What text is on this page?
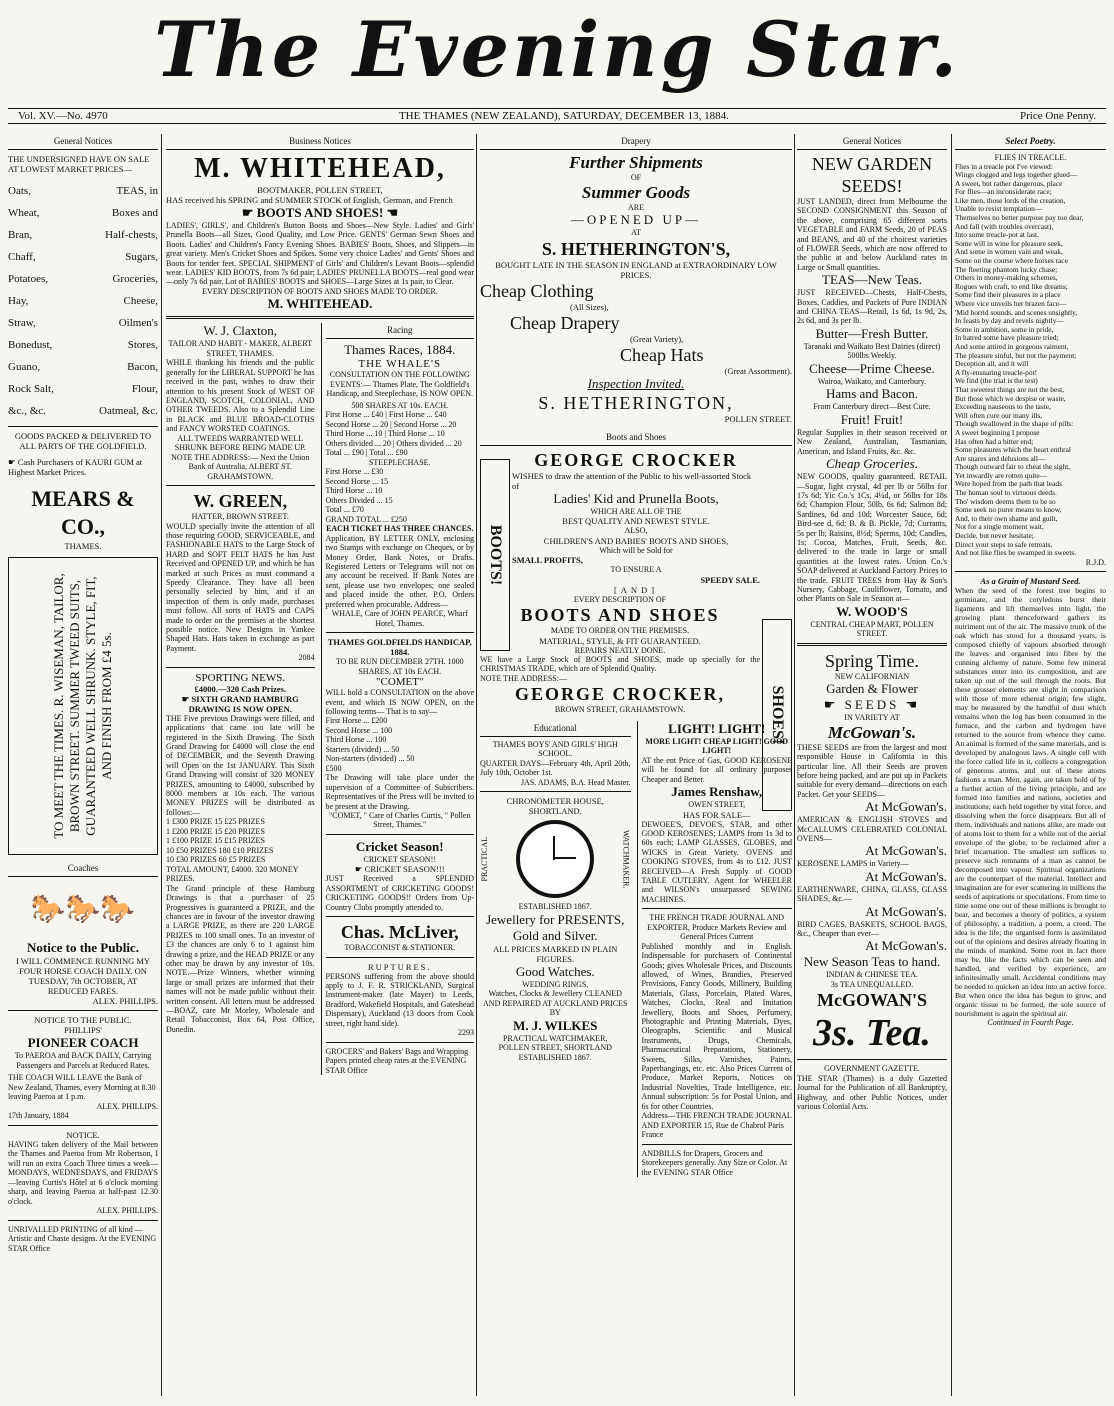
The Evening Star.
Vol. XV.—No. 4970	THE THAMES (NEW ZEALAND), SATURDAY, DECEMBER 13, 1884.	Price One Penny.
General Notices
THE UNDERSIGNED HAVE ON SALE AT LOWEST MARKET PRICES—
Oats,	TEAS, in
Wheat,	Boxes and
Bran,	Half-chests,
Chaff,	Sugars,
Potatoes,	Groceries,
Hay,	Cheese,
Straw,	Oilmen's
Bonedust,	Stores,
Guano,	Bacon,
Rock Salt,	Flour,
&c., &c.	Oatmeal, &c.
GOODS PACKED & DELIVERED TO ALL PARTS OF THE GOLDFIELD.
☛ Cash Purchasers of KAURI GUM at Highest Market Prices.
MEARS & CO.,
THAMES.
TO MEET THE TIMES. R. WISEMAN, TAILOR, BROWN STREET. SUMMER TWEED SUITS, GUARANTEED WELL SHRUNK. STYLE, FIT, AND FINISH FROM £4 5s.
Coaches
🐎🐎🐎
Notice to the Public.
I WILL COMMENCE RUNNING MY FOUR HORSE COACH DAILY. ON TUESDAY, 7th OCTOBER, AT REDUCED FARES.
ALEX. PHILLIPS.
NOTICE TO THE PUBLIC.
PHILLIPS'
PIONEER COACH
To PAEROA and BACK DAILY, Carrying Passengers and Parcels at Reduced Rates.
THE COACH WILL LEAVE the Bank of New Zealand, Thames, every Morning at 8.30 leaving Paeroa at 1 p.m.
ALEX. PHILLIPS.
17th January, 1884
NOTICE.
HAVING taken delivery of the Mail between the Thames and Paeroa from Mr Robertson, I will run an extra Coach Three times a week—MONDAYS, WEDNESDAYS, and FRIDAYS—leaving Curtis's Hôtel at 6 o'clock morning sharp, and leaving Paeroa at half-past 12.30 o'clock.
ALEX. PHILLIPS.
UNRIVALLED PRINTING of all kind — Artistic and Chaste designs. At the EVENING STAR Office
Business Notices
M. WHITEHEAD,
BOOTMAKER, POLLEN STREET,
HAS received his SPRING and SUMMER STOCK of English, German, and French
☛ BOOTS AND SHOES! ☚
LADIES', GIRLS', and Children's Button Boots and Shoes—New Style. Ladies' and Girls' Prunella Boots—all Sizes, Good Quality, and Low Price. GENTS' German Sewn Shoes and Boots. Ladies' and Children's Fancy Evening Shoes. BABIES' Boots, Shoes, and Slippers—in great variety. Men's Cricket Shoes and Spikes. Some very choice Ladies' and Gents' Shoes and Boots for tender feet. SPECIAL SHIPMENT of Girls' and Children's Levant Boots—splendid wear. LADIES' KID BOOTS, from 7s 6d pair; LADIES' PRUNELLA BOOTS—real good wear—only 7s 6d pair. Lot of BABIES' BOOTS and SHOES—Large Sizes at 1s pair, to Clear.
EVERY DESCRIPTION OF BOOTS AND SHOES MADE TO ORDER.
M. WHITEHEAD.
W. J. Claxton,
TAILOR AND HABIT - MAKER, ALBERT STREET, THAMES.
WHILE thanking his friends and the public generally for the LIBERAL SUPPORT he has received in the past, wishes to draw their attention to his present Stock of WEST OF ENGLAND, SCOTCH, COLONIAL, AND OTHER TWEEDS. Also to a Splendid Line in BLACK and BLUE BROAD-CLOTHS and FANCY WORSTED COATINGS.
ALL TWEEDS WARRANTED WELL SHRUNK BEFORE BEING MADE UP.
NOTE THE ADDRESS:— Next the Union Bank of Australia, ALBERT ST. GRAHAMSTOWN.
W. GREEN,
HATTER, BROWN STREET.
WOULD specially invite the attention of all those requiring GOOD, SERVICEABLE, and FASHIONABLE HATS to the Large Stock of HARD and SOFT FELT HATS he has Just Received and OPENED UP, and which he has marked at such Prices as must command a Speedy Clearance. They have all been personally selected by him, and if an inspection of them is only made, purchases must follow. All sorts of HATS and CAPS made to order on the premises at the shortest possible notice. New Designs in Yankee Shaped Hats. Hats taken in exchange as part Payment.
2084
SPORTING NEWS.
£4000.—320 Cash Prizes.
☛ SIXTH GRAND HAMBURG DRAWING IS NOW OPEN.
THE Five previous Drawings were filled, and applications that came too late will be registered in the Sixth Drawing. The Sixth Grand Drawing for £4000 will close the end of DECEMBER, and the Seventh Drawing will Open on the 1st JANUARY. This Sixth Grand Drawing will consist of 320 MONEY PRIZES, amounting to £4000, subscribed by 8000 members at 10s each. The various MONEY PRIZES will be distributed as follows:—
1 £300 PRIZE 15 £25 PRIZES
1 £200 PRIZE 15 £20 PRIZES
1 £100 PRIZE 15 £15 PRIZES
10 £50 PRIZES 180 £10 PRIZES
10 £30 PRIZES 60 £5 PRIZES
TOTAL AMOUNT, £4000. 320 MONEY PRIZES.
The Grand principle of these Hamburg Drawings is that a purchaser of 25 Progressives is guaranteed a PRIZE, and the chances are in favour of the investor drawing a LARGE PRIZE, as there are 220 LARGE PRIZES to 100 small ones. To an investor of £3 the chances are only 6 to 1 against him drawing a prize, and the HEAD PRIZE or any other may be drawn by any investor of 10s. NOTE.—Prize Winners, whether winning large or small prizes are informed that their names will not be made public without their written consent. All letters must be addressed—BOAZ, care Mr Morley, Wholesale and Retail Tobacconist, Box 64, Post Office, Dunedin.
Racing
Thames Races, 1884.
THE WHALE'S
CONSULTATION ON THE FOLLOWING EVENTS:— Thames Plate, The Goldfield's Handicap, and Steeplechase, IS NOW OPEN.
500 SHARES AT 10s. EACH.
First Horse ... £40 | First Horse ... £40
Second Horse ... 20 | Second Horse ... 20
Third Horse ... 10 | Third Horse ... 10
Others divided ... 20 | Others divided ... 20
Total ... £90 | Total ... £90
STEEPLECHASE.
First Horse ... £30
Second Horse ... 15
Third Horse ... 10
Others Divided ... 15
Total ... £70
GRAND TOTAL ... £250
EACH TICKET HAS THREE CHANCES.
Application, BY LETTER ONLY, enclosing two Stamps with exchange on Cheques, or by Money Order, Bank Notes, or Drafts. Registered Letters or Telegrams will not on any account be received. If Bank Notes are sent, please use two envelopes; one sealed and placed inside the other. P.O. Orders preferred when procurable. Address—
WHALE, Care of JOHN PEARCE, Wharf Hotel, Thames.
THAMES GOLDFIELDS HANDICAP, 1884.
TO BE RUN DECEMBER 27TH. 1000 SHARES, AT 10s EACH.
"COMET"
WILL hold a CONSULTATION on the above event, and which IS NOW OPEN, on the following terms— That is to say—
First Horse ... £200
Second Horse ... 100
Third Horse ... 100
Starters (divided) ... 50
Non-starters (divided) ... 50
£500
The Drawing will take place under the supervision of a Committee of Subscribers. Representatives of the Press will be invited to be present at the Drawing.
"COMET, " Care of Charles Curtis, " Pollen Street, Thames."
Cricket Season!
CRICKET SEASON!!
☛ CRICKET SEASON!!!
JUST Received a SPLENDID ASSORTMENT of CRICKETING GOODS! CRICKETING GOODS!! Orders from Up-Country Clubs promptly attended to.
Chas. McLiver,
TOBACCONIST & STATIONER.
RUPTURES.
PERSONS suffering from the above should apply to J. F. R. STRICKLAND, Surgical Instrument-maker (late Mayer) to Leeds, Bradford, Wakefield Hospitals, and Gateshead Dispensary), Auckland (13 doors from Cook street, right hand side).
2293
GROCERS' and Bakers' Bags and Wrapping Papers printed cheap rates at the EVENING STAR Office
Drapery
Further Shipments
OF
Summer Goods
ARE
—OPENED UP—
AT
S. HETHERINGTON'S,
BOUGHT LATE IN THE SEASON IN ENGLAND at EXTRAORDINARY LOW PRICES.
Cheap Clothing
(All Sizes),
Cheap Drapery
(Great Variety),
Cheap Hats
(Great Assortment).
Inspection Invited.
S. HETHERINGTON,
POLLEN STREET.
Boots and Shoes
BOOTS!
SHOES!
GEORGE CROCKER
WISHES to draw the attention of the Public to his well-assorted Stock of
Ladies' Kid and Prunella Boots,
WHICH ARE ALL OF THE
BEST QUALITY AND NEWEST STYLE.
ALSO,
CHILDREN'S AND BABIES' BOOTS AND SHOES,
Which will be Sold for
SMALL PROFITS,
TO ENSURE A
SPEEDY SALE.
[AND]
EVERY DESCRIPTION OF
BOOTS AND SHOES
MADE TO ORDER ON THE PREMISES.
MATERIAL, STYLE, & FIT GUARANTEED.
REPAIRS NEATLY DONE.
WE have a Large Stock of BOOTS and SHOES, made up specially for the CHRISTMAS TRADE, which are of Splendid Quality.
NOTE THE ADDRESS:—
GEORGE CROCKER,
BROWN STREET, GRAHAMSTOWN.
Educational
THAMES BOYS' AND GIRLS' HIGH SCHOOL.
QUARTER DAYS—February 4th, April 20th, July 10th, October 1st.
JAS. ADAMS, B.A. Head Master.
CHRONOMETER HOUSE, SHORTLAND.
PRACTICAL	WATCHMAKER.
ESTABLISHED 1867.
Jewellery for PRESENTS, Gold and Silver.
ALL PRICES MARKED IN PLAIN FIGURES.
Good Watches.
WEDDING RINGS.
Watches, Clocks & Jewellery CLEANED AND REPAIRED AT AUCKLAND PRICES BY
M. J. WILKES
PRACTICAL WATCHMAKER,
POLLEN STREET, SHORTLAND
ESTABLISHED 1867.
LIGHT! LIGHT!
MORE LIGHT! CHEAP LIGHT! GOOD LIGHT!
AT the ent Price of Gas, GOOD KEROSENE will be found for all ordinary purposes Cheaper and Better.
James Renshaw,
OWEN STREET,
HAS FOR SALE—
DEWOEE'S, DEVOE'S, STAR, and other GOOD KEROSENES; LAMPS from 1s 3d to 60s each; LAMP GLASSES, GLOBES, and WICKS in Great Variety. OVENS and COOKING STOVES, from 4s to £12. JUST RECEIVED—A Fresh Supply of GOOD TABLE CUTLERY. Agent for WHEELER and WILSON's unsurpassed SEWING MACHINES.
THE FRENCH TRADE JOURNAL AND EXPORTER, Produce Markets Review and General Prices Current
Published monthly and in English. Indispensable for purchasers of Continental Goods; gives Wholesale Prices, and Discounts allowed, of Wines, Brandies, Preserved Provisions, Fancy Goods, Millinery, Building Materials, Glass, Porcelain, Plated Wares, Watches, Clocks, Real and Imitation Jewellery, Boots and Shoes, Perfumery, Photographic and Printing Materials, Dyes, Oleographs, Scientific and Musical Instruments, Drugs, Chemicals, Pharmaceutical Preparations, Stationery, Sweets, Silks, Varnishes, Paints, Paperhangings, etc. etc. Also Prices Current of Produce, Market Reports, Notices on Industrial Novelties, Trade Intelligence, etc. Annual subscription: 5s for Postal Union, and 6s for other Countries.
Address—THE FRENCH TRADE JOURNAL AND EXPORTER 15, Rue de Chabrol Paris France
ANDBILLS for Drapers, Grocers and Storekeepers generally. Any Size or Color. At the EVENING STAR Office
General Notices
NEW GARDEN SEEDS!
JUST LANDED, direct from Melbourne the SECOND CONSIGNMENT this Season of the above, comprising 65 different sorts VEGETABLE and FARM Seeds, 20 of PEAS and BEANS, and 40 of the choicest varieties of FLOWER Seeds, which are now offered to the public at and below Auckland rates in Large or Small quantities.
TEAS—New Teas.
JUST RECEIVED—Chests, Half-Chests, Boxes, Caddies, and Packets of Pure INDIAN and CHINA TEAS—Retail, 1s 6d, 1s 9d, 2s, 2s 6d, and 3s per lb.
Butter—Fresh Butter.
Taranaki and Waikato Best Dairies (direct) 500lbs Weekly.
Cheese—Prime Cheese.
Wairoa, Waikato, and Canterbury.
Hams and Bacon.
From Canterbury direct—Best Cure.
Fruit! Fruit!
Regular Supplies in their season received or New Zealand, Australian, Tasmanian, American, and Island Fruits, &c. &c.
Cheap Groceries.
NEW GOODS, quality guaranteed. RETAIL—Sugar, light crystal, 4d per lb or 56lbs for 17s 6d; Yic Co.'s 1Cs, 4¼d, or 56lbs for 18s 6d; Champion Flour, 50lb, 6s 6d; Salmon 8d; Sardines, 6d and 10d; Worcester Sauce, 6d; Bird-see d, 6d; B. & B. Pickle, 7d; Currants, 5s per lb; Raisins, 8½d; Sperms, 10d; Candles, 1s; Cocoa, Matches, Fruit, Seeds, &c. delivered to the trade in large or small quantities at the lowest rates. Union Co.'s SOAP delivered at Auckland Factory Prices to the trade. FRUIT TREES from Hay & Son's Nursery, Cabbage, Cauliflower, Tomato, and other Plants on Sale in Season at—
W. WOOD'S
CENTRAL CHEAP MART, POLLEN STREET.
Spring Time.
NEW CALIFORNIAN
Garden & Flower
☛ SEEDS ☚
IN VARIETY AT
McGowan's.
THESE SEEDS are from the largest and most responsible House in California in this particular line. All their Seeds are proven before being packed, and are put up in Packets suitable for every demand—directions on each Packet. Get your SEEDS—
At McGowan's.
AMERICAN & ENGLISH STOVES and McCALLUM'S CELEBRATED COLONIAL OVENS—
At McGowan's.
KEROSENE LAMPS in Variety—
At McGowan's.
EARTHENWARE, CHINA, GLASS, GLASS SHADES, &c.—
At McGowan's.
BIRD CAGES, BASKETS, SCHOOL BAGS, &c., Cheaper than ever—
At McGowan's.
New Season Teas to hand.
INDIAN & CHINESE TEA.
3s TEA UNEQUALLED.
McGOWAN'S
3s. Tea.
GOVERNMENT GAZETTE.
THE STAR (Thames) is a duly Gazetted Journal for the Publication of all Bankruptcy, Highway, and other Public Notices, under various Colonial Acts.
Select Poetry.
FLIES IN TREACLE.
Flies in a treacle pot I've viewed:
Wings clogged and legs together glued—
A sweet, but rather dangerous, place
For flies—an inconsiderate race;
Like men, those lords of the creation,
Unable to resist temptation—
Themselves no better purpose pay too dear,
And fall (with troubles overcast),
Into some treacle-pot at last.
Some will in wine for pleasure seek,
And some in women vain and weak,
Some on the course where horses race
The fleeting phantom lucky chase;
Others in money-making schemes,
Rogues with craft, to end like dreams;
Some find their pleasures in a place
Where vice unveils her brazen face—
'Mid horrid sounds, and scenes unsightly,
In feasts by day and revels nightly—
Some in ambition, some in pride,
In hatred some have pleasure tried;
And some attired in gorgeous raiment,
The pleasure sinful, but not the payment;
Deception all, and it will
A fly-ensnaring treacle-pot!
We find (the trial is the test)
That sweetest things are not the best,
But those which we despise or waste,
Exceeding nauseous to the taste,
Will often cure our many ills,
Though swallowed in the shape of pills:
A sweet beginning I propose
Has often had a bitter end;
Some pleasures which the heart enthral
Are snares and delusions all—
Though outward fair to cheat the sight,
Yet inwardly are rotten quite—
Were hoped from the path that leads
The human soul to virtuous deeds.
Tho' wisdom deems them to be so
Some seek no purer means to know,
And, to their own shame and guilt,
Not for a single moment wait,
Decide, but never hesitate;
Direct your steps to safe retreats,
And not like flies be swamped in sweets.
R.J.D.
As a Grain of Mustard Seed.
When the seed of the forest tree begins to germinate, and the cotyledons burst their ligaments and lift themselves into light, the growing plant thenceforward gathers its nutriment out of the air. The massive trunk of the oak which has stood for a thousand years, is composed chiefly of vapours absorbed through the leaves and organised into fibre by the cunning alchemy of nature. Some few mineral substances enter into its composition, and are taken up out of the soil through the roots. But these grosser elements are slight in comparison with those of more ethereal origin; few slight, may be measured by the handful of dust which remains when the log has been consumed in the furnace, and the carbon and hydrogen have returned to the source from whence they came. An animal is formed of the same materials, and is developed by analogous laws. A single cell with the force called life in it, collects a congregation of generous atoms, and out of these atoms fashions a man. Men, again, are taken hold of by a further action of the living principle, and are formed into families and nations, societies and institutions; each held together by vital force, and dissolving when the force disappears. But all of them, individuals and nations alike, are made out of atoms lost to them for a while out of the aerial envelope of the globe, to be reclaimed after a brief incarnation. The smallest urn suffices to preserve such remnants of a man as cannot be decomposed into vapour. Spiritual organizations are the counterpart of the material. Intellect and imagination are for ever scattering in millions the seeds of aspirations or speculations. From time to time some one out of these millions is brought to bear, and becomes a theory of politics, a system of philosophy, a tradition, a poem, a creed. The idea is the life; the organised form is assimilated out of the opinions and desires already floating in the minds of mankind. Some root in fact there may be, like the facts which can be seen and handled, and verified by experience, are infinitesimally small. Accidental conditions may be needed to quicken an idea into an active force. But when once the idea has begun to grow, and organic tissue to be formed, the sole source of nourishment is again the spiritual air.
Continued in Fourth Page.
